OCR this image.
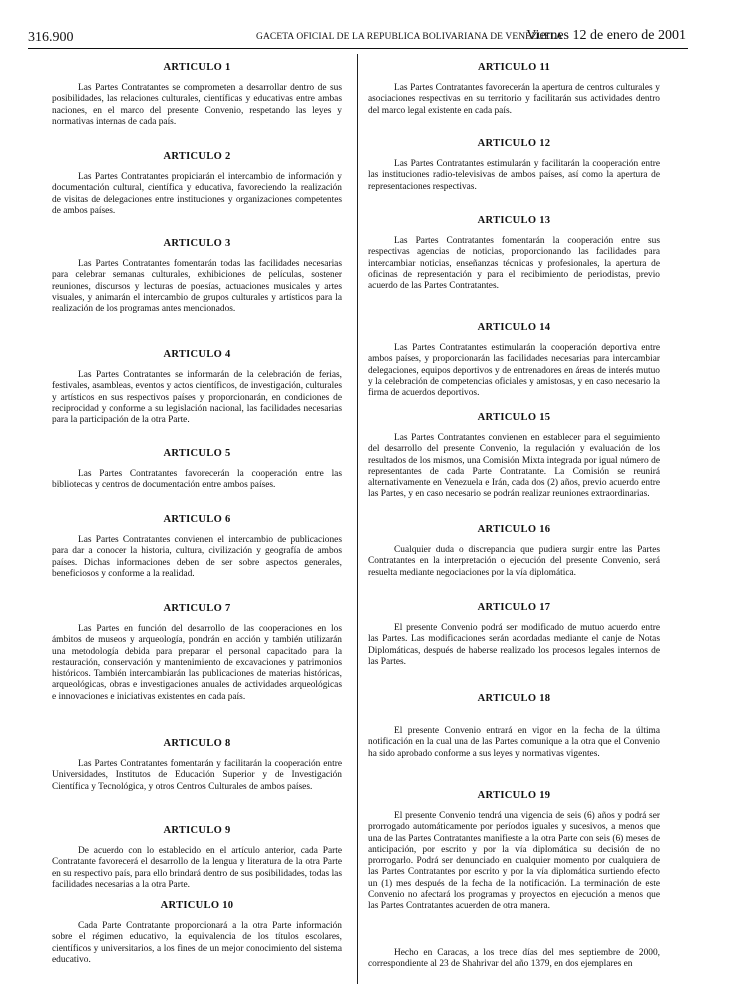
316.900	GACETA OFICIAL DE LA REPUBLICA BOLIVARIANA DE VENEZUELA
Viernes 12 de enero de 2001
ARTICULO 1

Las Partes Contratantes se comprometen a desarrollar dentro de sus posibilidades, las relaciones culturales, científicas y educativas entre ambas naciones, en el marco del presente Convenio, respetando las leyes y normativas internas de cada país.

ARTICULO 2

Las Partes Contratantes propiciarán el intercambio de información y documentación cultural, científica y educativa, favoreciendo la realización de visitas de delegaciones entre instituciones y organizaciones competentes de ambos países.

ARTICULO 3

Las Partes Contratantes fomentarán todas las facilidades necesarias para celebrar semanas culturales, exhibiciones de películas, sostener reuniones, discursos y lecturas de poesías, actuaciones musicales y artes visuales, y animarán el intercambio de grupos culturales y artísticos para la realización de los programas antes mencionados.

ARTICULO 4

Las Partes Contratantes se informarán de la celebración de ferias, festivales, asambleas, eventos y actos científicos, de investigación, culturales y artísticos en sus respectivos países y proporcionarán, en condiciones de reciprocidad y conforme a su legislación nacional, las facilidades necesarias para la participación de la otra Parte.

ARTICULO 5

Las Partes Contratantes favorecerán la cooperación entre las bibliotecas y centros de documentación entre ambos países.

ARTICULO 6

Las Partes Contratantes convienen el intercambio de publicaciones para dar a conocer la historia, cultura, civilización y geografía de ambos países. Dichas informaciones deben de ser sobre aspectos generales, beneficiosos y conforme a la realidad.

ARTICULO 7

Las Partes en función del desarrollo de las cooperaciones en los ámbitos de museos y arqueología, pondrán en acción y también utilizarán una metodología debida para preparar el personal capacitado para la restauración, conservación y mantenimiento de excavaciones y patrimonios históricos. También intercambiarán las publicaciones de materias históricas, arqueológicas, obras e investigaciones anuales de actividades arqueológicas e innovaciones e iniciativas existentes en cada país.

ARTICULO 8

Las Partes Contratantes fomentarán y facilitarán la cooperación entre Universidades, Institutos de Educación Superior y de Investigación Científica y Tecnológica, y otros Centros Culturales de ambos países.

ARTICULO 9

De acuerdo con lo establecido en el artículo anterior, cada Parte Contratante favorecerá el desarrollo de la lengua y literatura de la otra Parte en su respectivo país, para ello brindará dentro de sus posibilidades, todas las facilidades necesarias a la otra Parte.

ARTICULO 10

Cada Parte Contratante proporcionará a la otra Parte información sobre el régimen educativo, la equivalencia de los títulos escolares, científicos y universitarios, a los fines de un mejor conocimiento del sistema educativo.

ARTICULO 11

Las Partes Contratantes favorecerán la apertura de centros culturales y asociaciones respectivas en su territorio y facilitarán sus actividades dentro del marco legal existente en cada país.

ARTICULO 12

Las Partes Contratantes estimularán y facilitarán la cooperación entre las instituciones radio-televisivas de ambos países, así como la apertura de representaciones respectivas.

ARTICULO 13

Las Partes Contratantes fomentarán la cooperación entre sus respectivas agencias de noticias, proporcionando las facilidades para intercambiar noticias, enseñanzas técnicas y profesionales, la apertura de oficinas de representación y para el recibimiento de periodistas, previo acuerdo de las Partes Contratantes.

ARTICULO 14

Las Partes Contratantes estimularán la cooperación deportiva entre ambos países, y proporcionarán las facilidades necesarias para intercambiar delegaciones, equipos deportivos y de entrenadores en áreas de interés mutuo y la celebración de competencias oficiales y amistosas, y en caso necesario la firma de acuerdos deportivos.

ARTICULO 15

Las Partes Contratantes convienen en establecer para el seguimiento del desarrollo del presente Convenio, la regulación y evaluación de los resultados de los mismos, una Comisión Mixta integrada por igual número de representantes de cada Parte Contratante. La Comisión se reunirá alternativamente en Venezuela e Irán, cada dos (2) años, previo acuerdo entre las Partes, y en caso necesario se podrán realizar reuniones extraordinarias.

ARTICULO 16

Cualquier duda o discrepancia que pudiera surgir entre las Partes Contratantes en la interpretación o ejecución del presente Convenio, será resuelta mediante negociaciones por la vía diplomática.

ARTICULO 17

El presente Convenio podrá ser modificado de mutuo acuerdo entre las Partes. Las modificaciones serán acordadas mediante el canje de Notas Diplomáticas, después de haberse realizado los procesos legales internos de las Partes.

ARTICULO 18

El presente Convenio entrará en vigor en la fecha de la última notificación en la cual una de las Partes comunique a la otra que el Convenio ha sido aprobado conforme a sus leyes y normativas vigentes.

ARTICULO 19

El presente Convenio tendrá una vigencia de seis (6) años y podrá ser prorrogado automáticamente por períodos iguales y sucesivos, a menos que una de las Partes Contratantes manifieste a la otra Parte con seis (6) meses de anticipación, por escrito y por la vía diplomática su decisión de no prorrogarlo. Podrá ser denunciado en cualquier momento por cualquiera de las Partes Contratantes por escrito y por la vía diplomática surtiendo efecto un (1) mes después de la fecha de la notificación. La terminación de este Convenio no afectará los programas y proyectos en ejecución a menos que las Partes Contratantes acuerden de otra manera.

Hecho en Caracas, a los trece días del mes septiembre de 2000, correspondiente al 23 de Shahrivar del año 1379, en dos ejemplares en
